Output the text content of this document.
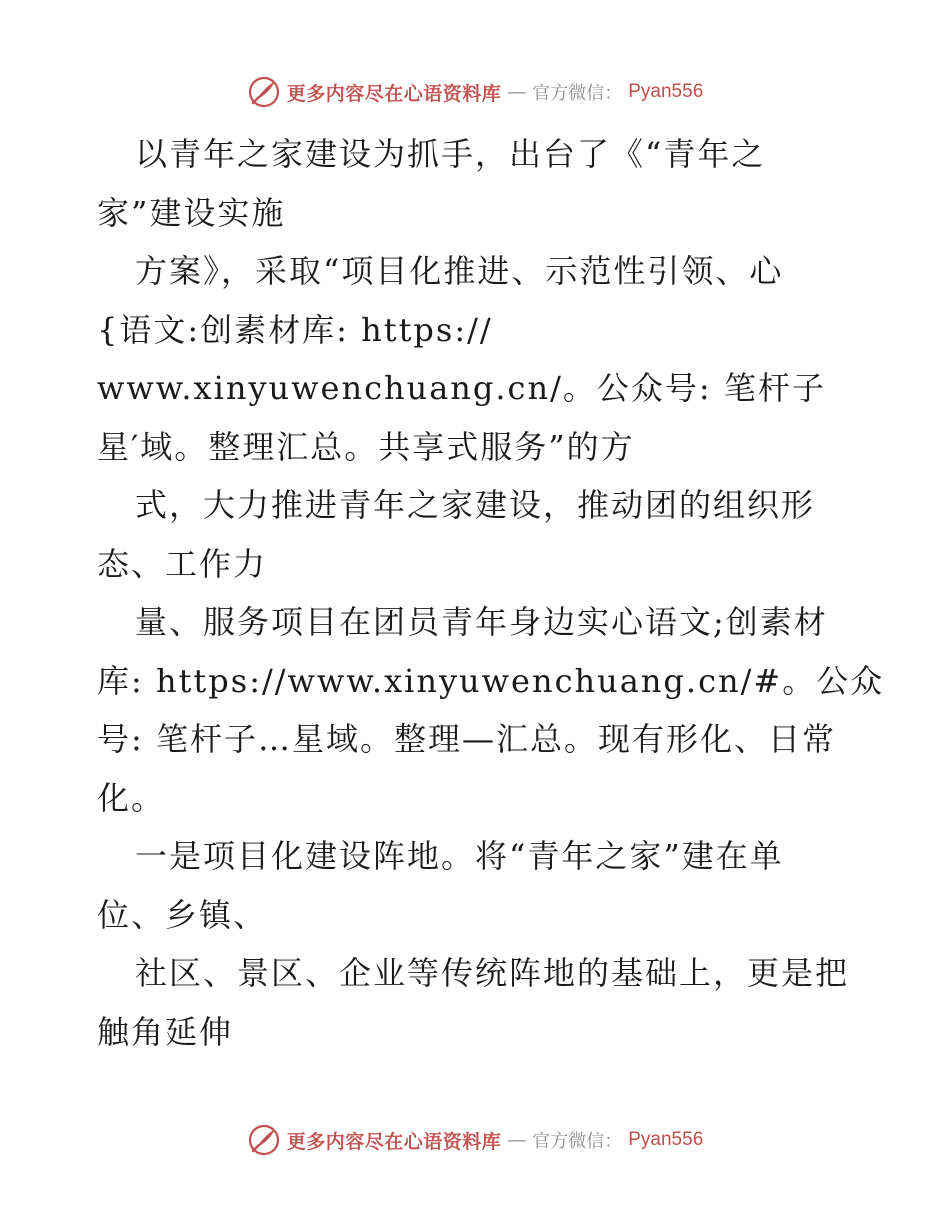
更多内容尽在心语资料库 — 官方微信： Pyan556
以青年之家建设为抓手，出台了《“青年之
家”建设实施
方案》，采取“项目化推进、示范性引领、心
{语文:创素材库: https://
www.xinyuwenchuang.cn/。公众号: 笔杆子
星′域。整理汇总。共享式服务”的方
式，大力推进青年之家建设，推动团的组织形
态、工作力
量、服务项目在团员青年身边实心语文;创素材
库: https://www.xinyuwenchuang.cn/#。公众
号: 笔杆子…星域。整理—汇总。现有形化、日常
化。
一是项目化建设阵地。将“青年之家”建在单
位、乡镇、
社区、景区、企业等传统阵地的基础上，更是把
触角延伸
更多内容尽在心语资料库 — 官方微信： Pyan556
